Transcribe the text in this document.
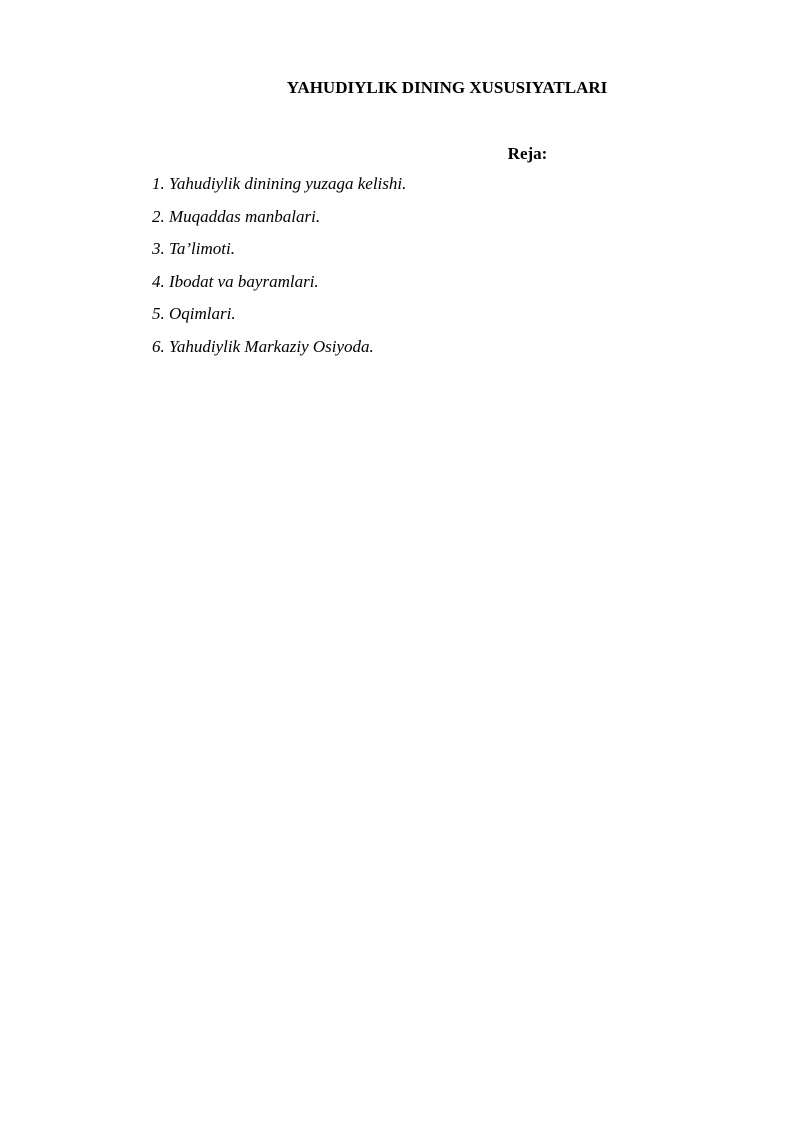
YAHUDIYLIK DINING XUSUSIYATLARI
Reja:
1. Yahudiylik dinining yuzaga kelishi.
2. Muqaddas manbalari.
3. Ta’limoti.
4. Ibodat va bayramlari.
5. Oqimlari.
6. Yahudiylik Markaziy Osiyoda.
